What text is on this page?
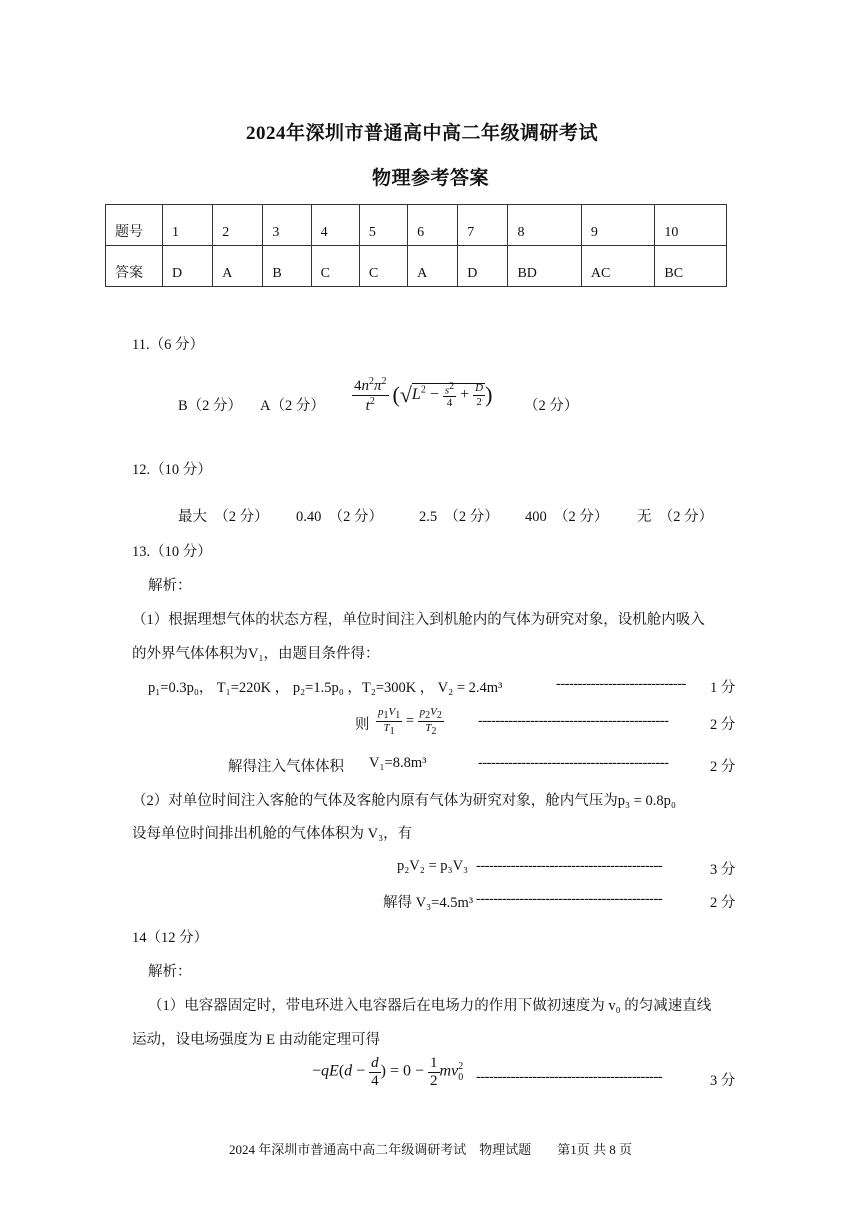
2024年深圳市普通高中高二年级调研考试
物理参考答案
题号	1	2	3	4	5	6	7	8	9	10
答案	D	A	B	C	C	A	D	BD	AC	BC
11.（6 分）
B（2 分） A（2 分） $\frac{4n^2\pi^2}{t^2} (√L^2 - \frac{s^2}{4} + \frac{D}{2}$ ) （2 分）
12.（10 分）
最大 （2 分） 0.40 （2 分） 2.5 （2 分） 400 （2 分） 无 （2 分）
13.（10 分）
解析：
（1）根据理想气体的状态方程，单位时间注入到机舱内的气体为研究对象，设机舱内吸入
的外界气体体积为V₁，由题目条件得：
p₁=0.3p₀， T₁=220K ， p₂=1.5p₀ ，T₂=300K ， V₂ = 2.4m³	------------------------------ 1 分
则 $\frac{p_1V_1}{T_1} = \frac{p_2V_2}{T_2}$ --------------------------------------------	2 分
解得注入气体体积 V₁=8.8m³	--------------------------------------------	2 分
（2）对单位时间注入客舱的气体及客舱内原有气体为研究对象，舱内气压为p₃ = 0.8p₀
设每单位时间排出机舱的气体体积为 V₃，有
p₂V₂ = p₃V₃ -------------------------------------------	3 分
解得 V₃=4.5m³ -------------------------------------------	2 分
14（12 分）
解析：
（1）电容器固定时，带电环进入电容器后在电场力的作用下做初速度为 v₀ 的匀减速直线
运动，设电场强度为 E 由动能定理可得
$-qE(d - \frac{d}{4}$ ) = $0 - \frac{1}{2} mv_0^2$
-------------------------------------------	3 分
2024 年深圳市普通高中高二年级调研考试　物理试题　　第1页 共 8 页
